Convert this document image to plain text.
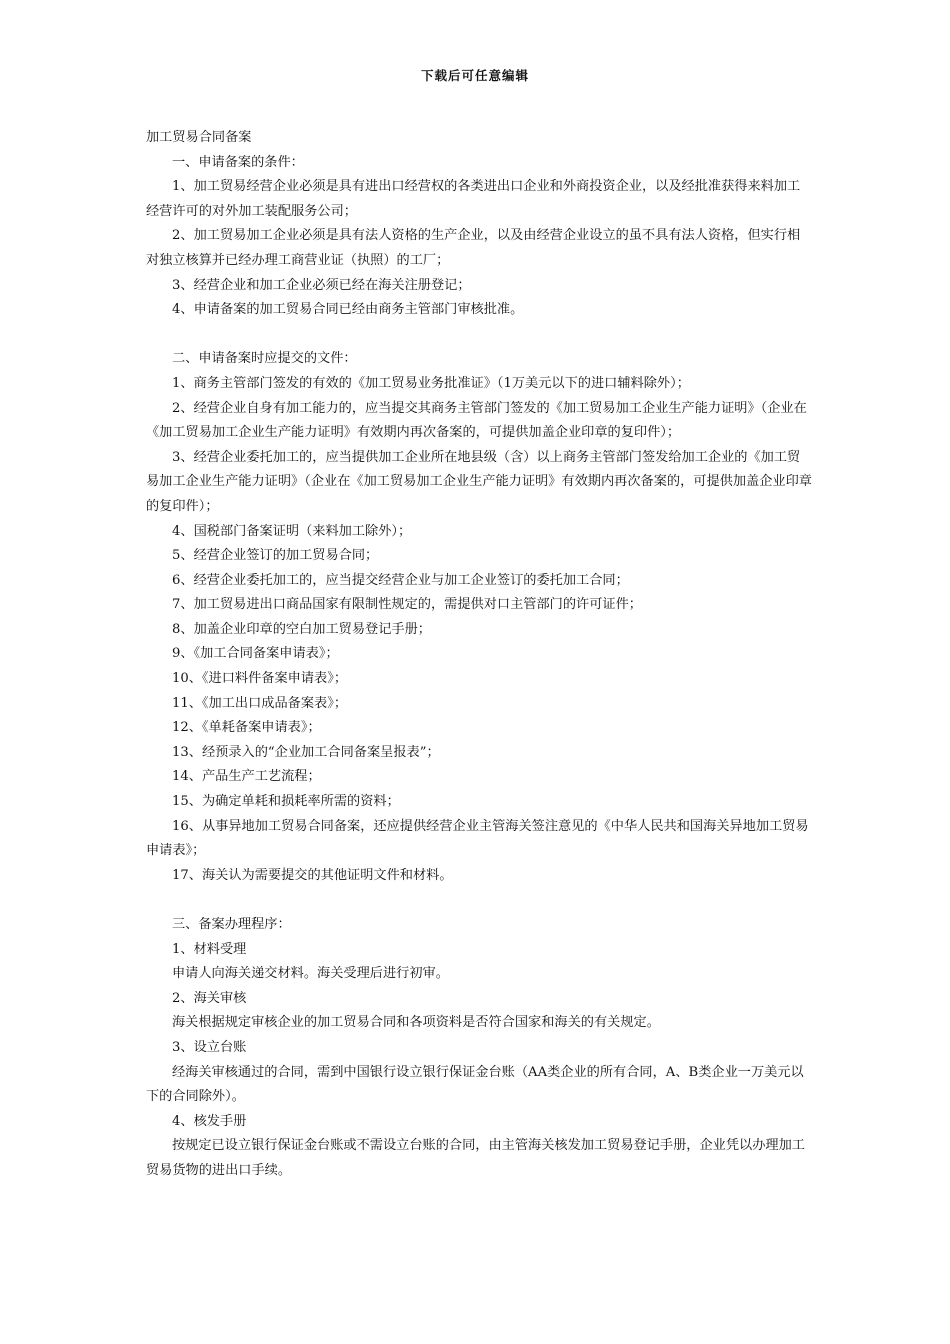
下载后可任意编辑

加工贸易合同备案

一、申请备案的条件：

1、加工贸易经营企业必须是具有进出口经营权的各类进出口企业和外商投资企业，以及经批准获得来料加工经营许可的对外加工装配服务公司；

2、加工贸易加工企业必须是具有法人资格的生产企业，以及由经营企业设立的虽不具有法人资格，但实行相对独立核算并已经办理工商营业证（执照）的工厂；

3、经营企业和加工企业必须已经在海关注册登记；

4、申请备案的加工贸易合同已经由商务主管部门审核批准。

二、申请备案时应提交的文件：

1、商务主管部门签发的有效的《加工贸易业务批准证》（1万美元以下的进口辅料除外）；

2、经营企业自身有加工能力的，应当提交其商务主管部门签发的《加工贸易加工企业生产能力证明》（企业在《加工贸易加工企业生产能力证明》有效期内再次备案的，可提供加盖企业印章的复印件）；

3、经营企业委托加工的，应当提供加工企业所在地县级（含）以上商务主管部门签发给加工企业的《加工贸易加工企业生产能力证明》（企业在《加工贸易加工企业生产能力证明》有效期内再次备案的，可提供加盖企业印章的复印件）；

4、国税部门备案证明（来料加工除外）；

5、经营企业签订的加工贸易合同；

6、经营企业委托加工的，应当提交经营企业与加工企业签订的委托加工合同；

7、加工贸易进出口商品国家有限制性规定的，需提供对口主管部门的许可证件；

8、加盖企业印章的空白加工贸易登记手册；

9、《加工合同备案申请表》；

10、《进口料件备案申请表》；

11、《加工出口成品备案表》；

12、《单耗备案申请表》；

13、经预录入的“企业加工合同备案呈报表”；

14、产品生产工艺流程；

15、为确定单耗和损耗率所需的资料；

16、从事异地加工贸易合同备案，还应提供经营企业主管海关签注意见的《中华人民共和国海关异地加工贸易申请表》；

17、海关认为需要提交的其他证明文件和材料。

三、备案办理程序：

1、材料受理

申请人向海关递交材料。海关受理后进行初审。

2、海关审核

海关根据规定审核企业的加工贸易合同和各项资料是否符合国家和海关的有关规定。

3、设立台账

经海关审核通过的合同，需到中国银行设立银行保证金台账（AA类企业的所有合同，A、B类企业一万美元以下的合同除外）。

4、核发手册

按规定已设立银行保证金台账或不需设立台账的合同，由主管海关核发加工贸易登记手册，企业凭以办理加工贸易货物的进出口手续。
